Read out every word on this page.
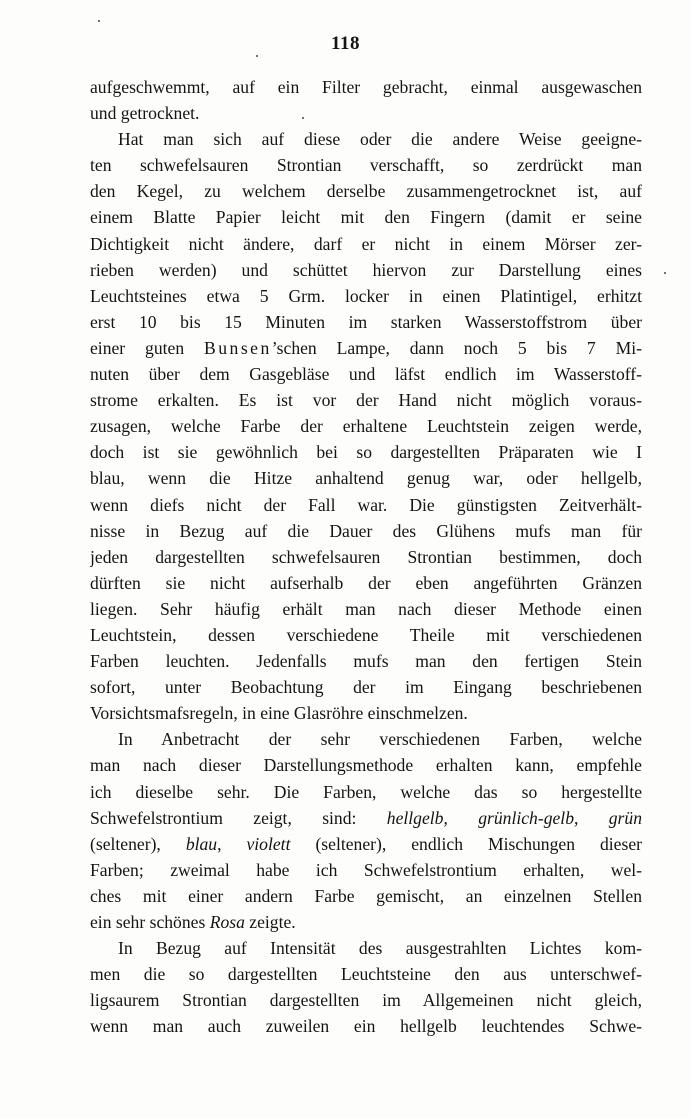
118
aufgeschwemmt, auf ein Filter gebracht, einmal ausgewaschen
und getrocknet.
Hat man sich auf diese oder die andere Weise geeigne-
ten schwefelsauren Strontian verschafft, so zerdrückt man
den Kegel, zu welchem derselbe zusammengetrocknet ist, auf
einem Blatte Papier leicht mit den Fingern (damit er seine
Dichtigkeit nicht ändere, darf er nicht in einem Mörser zer-
rieben werden) und schüttet hiervon zur Darstellung eines
Leuchtsteines etwa 5 Grm. locker in einen Platintigel, erhitzt
erst 10 bis 15 Minuten im starken Wasserstoffstrom über
einer guten Bunsen’schen Lampe, dann noch 5 bis 7 Mi-
nuten über dem Gasgebläse und läfst endlich im Wasserstoff-
strome erkalten. Es ist vor der Hand nicht möglich voraus-
zusagen, welche Farbe der erhaltene Leuchtstein zeigen werde,
doch ist sie gewöhnlich bei so dargestellten Präparaten wie I
blau, wenn die Hitze anhaltend genug war, oder hellgelb,
wenn diefs nicht der Fall war. Die günstigsten Zeitverhält-
nisse in Bezug auf die Dauer des Glühens mufs man für
jeden dargestellten schwefelsauren Strontian bestimmen, doch
dürften sie nicht aufserhalb der eben angeführten Gränzen
liegen. Sehr häufig erhält man nach dieser Methode einen
Leuchtstein, dessen verschiedene Theile mit verschiedenen
Farben leuchten. Jedenfalls mufs man den fertigen Stein
sofort, unter Beobachtung der im Eingang beschriebenen
Vorsichtsmafsregeln, in eine Glasröhre einschmelzen.
In Anbetracht der sehr verschiedenen Farben, welche
man nach dieser Darstellungsmethode erhalten kann, empfehle
ich dieselbe sehr. Die Farben, welche das so hergestellte
Schwefelstrontium zeigt, sind: hellgelb, grünlich-gelb, grün
(seltener), blau, violett (seltener), endlich Mischungen dieser
Farben; zweimal habe ich Schwefelstrontium erhalten, wel-
ches mit einer andern Farbe gemischt, an einzelnen Stellen
ein sehr schönes Rosa zeigte.
In Bezug auf Intensität des ausgestrahlten Lichtes kom-
men die so dargestellten Leuchtsteine den aus unterschwef-
ligsaurem Strontian dargestellten im Allgemeinen nicht gleich,
wenn man auch zuweilen ein hellgelb leuchtendes Schwe-
